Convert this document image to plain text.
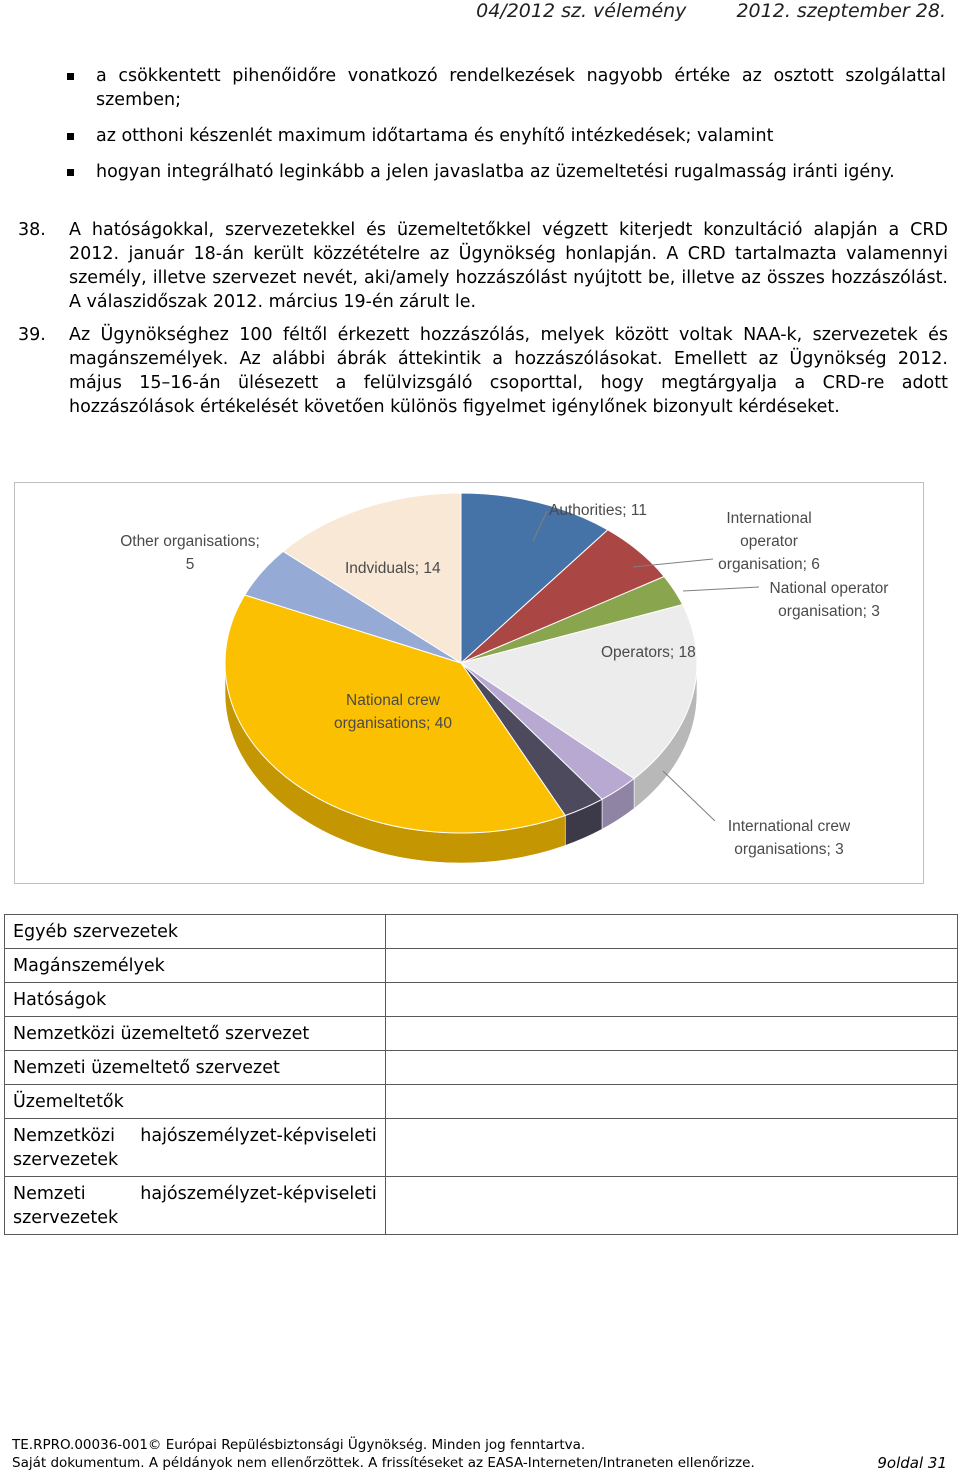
04/2012 sz. vélemény	2012. szeptember 28.
a csökkentett pihenőidőre vonatkozó rendelkezések nagyobb értéke az osztott szolgálattal szemben;
az otthoni készenlét maximum időtartama és enyhítő intézkedések; valamint
hogyan integrálható leginkább a jelen javaslatba az üzemeltetési rugalmasság iránti igény.
38.	A hatóságokkal, szervezetekkel és üzemeltetőkkel végzett kiterjedt konzultáció alapján a CRD 2012. január 18-án került közzétételre az Ügynökség honlapján. A CRD tartalmazta valamennyi személy, illetve szervezet nevét, aki/amely hozzászólást nyújtott be, illetve az összes hozzászólást. A válaszidőszak 2012. március 19-én zárult le.
39.	Az Ügynökséghez 100 féltől érkezett hozzászólás, melyek között voltak NAA-k, szervezetek és magánszemélyek. Az alábbi ábrák áttekintik a hozzászólásokat. Emellett az Ügynökség 2012. május 15–16-án ülésezett a felülvizsgáló csoporttal, hogy megtárgyalja a CRD-re adott hozzászólások értékelését követően különös figyelmet igénylőnek bizonyult kérdéseket.
Authorities; 11	International
operator
organisation; 6
National operator
organisation; 3
Operators; 18
National crew
organisations; 40
International crew
organisations; 3
Other organisations;
5	Indviduals; 14
Egyéb szervezetek	
Magánszemélyek	
Hatóságok	
Nemzetközi üzemeltető szervezet	
Nemzeti üzemeltető szervezet	
Üzemeltetők	
Nemzetközi hajószemélyzet-képviseleti szervezetek	
Nemzeti hajószemélyzet-képviseleti szervezetek	
TE.RPRO.00036-001© Európai Repülésbiztonsági Ügynökség. Minden jog fenntartva.
Saját dokumentum. A példányok nem ellenőrzöttek. A frissítéseket az EASA-Interneten/Intraneten ellenőrizze.	9oldal 31
